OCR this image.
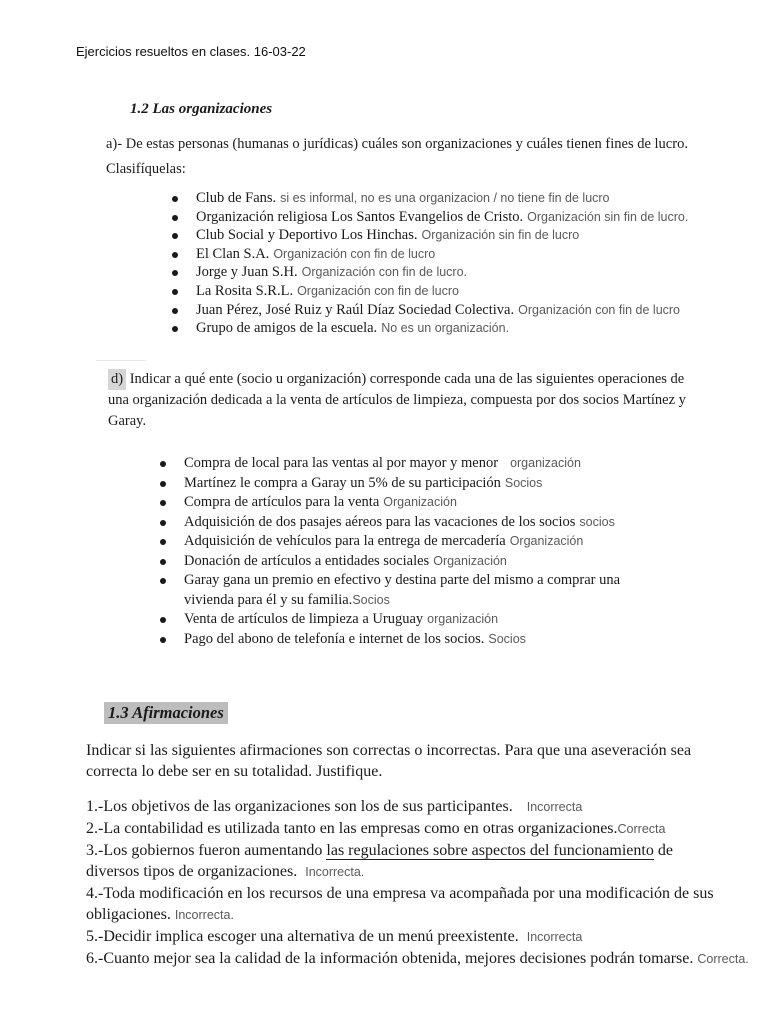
Ejercicios resueltos en clases. 16-03-22
1.2 Las organizaciones
a)- De estas personas (humanas o jurídicas) cuáles son organizaciones y cuáles tienen fines de lucro.
Clasifíquelas:
Club de Fans. si es informal, no es una organizacion / no tiene fin de lucro
Organización religiosa Los Santos Evangelios de Cristo. Organización sin fin de lucro.
Club Social y Deportivo Los Hinchas. Organización sin fin de lucro
El Clan S.A. Organización con fin de lucro
Jorge y Juan S.H. Organización con fin de lucro.
La Rosita S.R.L. Organización con fin de lucro
Juan Pérez, José Ruiz y Raúl Díaz Sociedad Colectiva. Organización con fin de lucro
Grupo de amigos de la escuela. No es un organización.
d) Indicar a qué ente (socio u organización) corresponde cada una de las siguientes operaciones de una organización dedicada a la venta de artículos de limpieza, compuesta por dos socios Martínez y Garay.
Compra de local para las ventas al por mayor y menor organización
Martínez le compra a Garay un 5% de su participación Socios
Compra de artículos para la venta Organización
Adquisición de dos pasajes aéreos para las vacaciones de los socios socios
Adquisición de vehículos para la entrega de mercadería Organización
Donación de artículos a entidades sociales Organización
Garay gana un premio en efectivo y destina parte del mismo a comprar una vivienda para él y su familia.Socios
Venta de artículos de limpieza a Uruguay organización
Pago del abono de telefonía e internet de los socios. Socios
1.3 Afirmaciones
Indicar si las siguientes afirmaciones son correctas o incorrectas. Para que una aseveración sea correcta lo debe ser en su totalidad. Justifique.
1.-Los objetivos de las organizaciones son los de sus participantes. Incorrecta
2.-La contabilidad es utilizada tanto en las empresas como en otras organizaciones.Correcta
3.-Los gobiernos fueron aumentando las regulaciones sobre aspectos del funcionamiento de
diversos tipos de organizaciones. Incorrecta.
4.-Toda modificación en los recursos de una empresa va acompañada por una modificación de sus
obligaciones. Incorrecta.
5.-Decidir implica escoger una alternativa de un menú preexistente. Incorrecta
6.-Cuanto mejor sea la calidad de la información obtenida, mejores decisiones podrán tomarse. Correcta.
